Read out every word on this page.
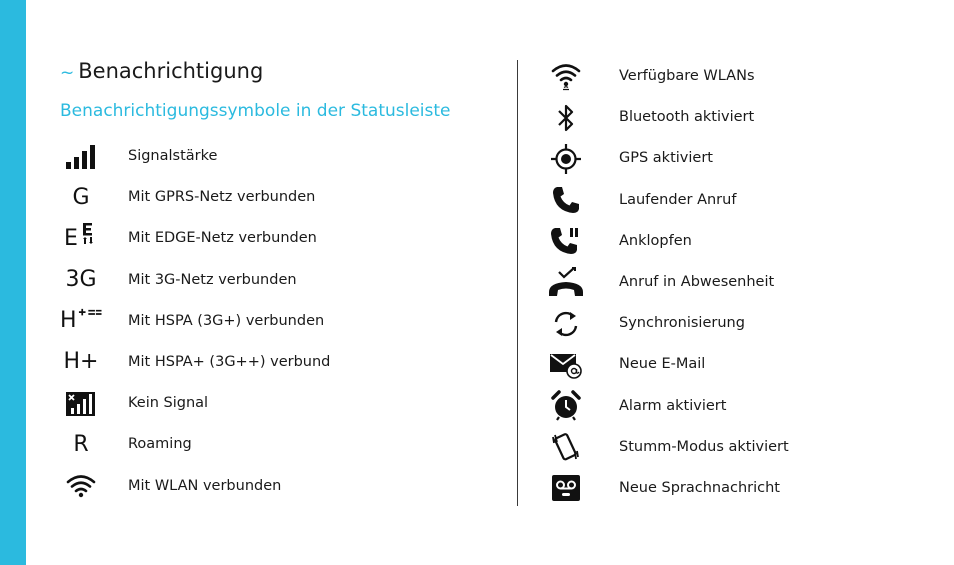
~ Benachrichtigung
Benachrichtigungssymbole in der Statusleiste
Signalstärke
G	Mit GPRS-Netz verbunden
E	Mit EDGE-Netz verbunden
3G Mit 3G-Netz verbunden
H	Mit HSPA (3G+) verbunden
H+ Mit HSPA+ (3G++) verbund
Kein Signal
R	Roaming
Mit WLAN verbunden
Verfügbare WLANs
Bluetooth aktiviert
GPS aktiviert
Laufender Anruf
Anklopfen
Anruf in Abwesenheit
Synchronisierung
Neue E-Mail
Alarm aktiviert
Stumm-Modus aktiviert
Neue Sprachnachricht
